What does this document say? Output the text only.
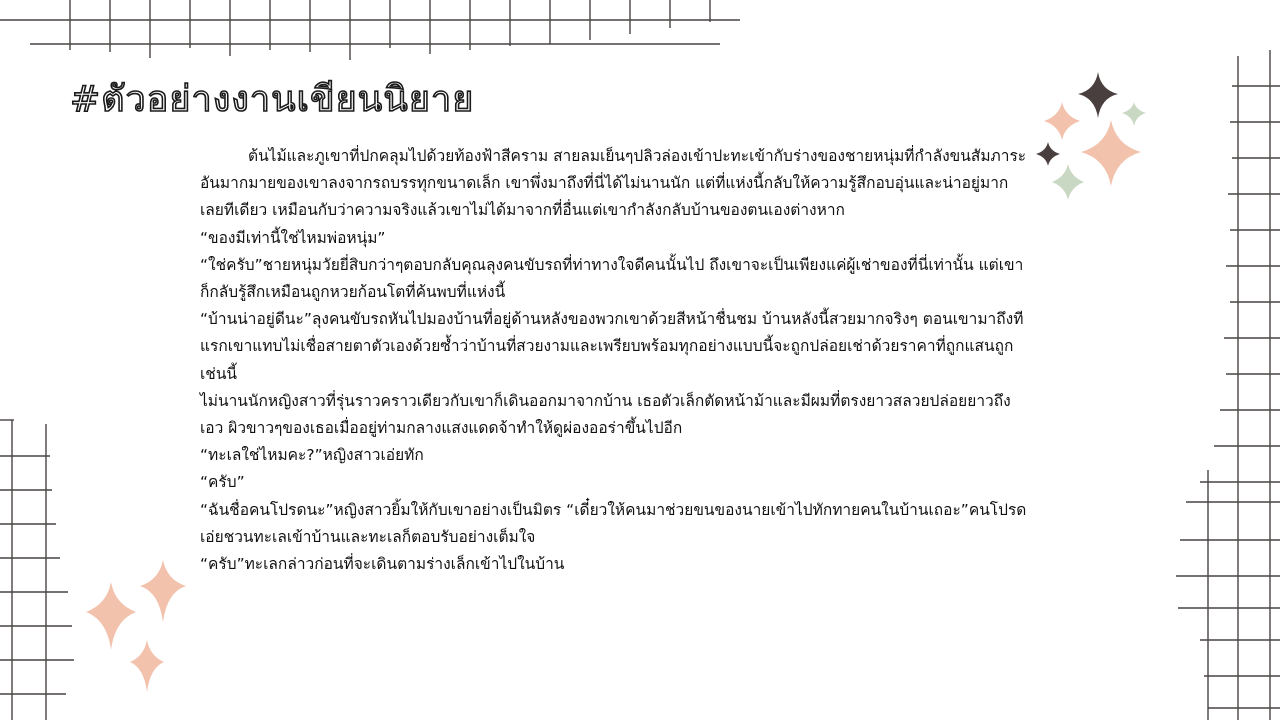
#ตัวอย่างงานเขียนนิยาย

ต้นไม้และภูเขาที่ปกคลุมไปด้วยท้องฟ้าสีคราม สายลมเย็นๆปลิวล่องเข้าปะทะเข้ากับร่างของชายหนุ่มที่กำลังขนสัมภาระอันมากมายของเขาลงจากรถบรรทุกขนาดเล็ก เขาพึ่งมาถึงที่นี่ได้ไม่นานนัก แต่ที่แห่งนี้กลับให้ความรู้สึกอบอุ่นและน่าอยู่มากเลยทีเดียว เหมือนกับว่าความจริงแล้วเขาไม่ได้มาจากที่อื่นแต่เขากำลังกลับบ้านของตนเองต่างหาก

“ของมีเท่านี้ใช่ไหมพ่อหนุ่ม”

“ใช่ครับ”ชายหนุ่มวัยยี่สิบกว่าๆตอบกลับคุณลุงคนขับรถที่ท่าทางใจดีคนนั้นไป ถึงเขาจะเป็นเพียงแค่ผู้เช่าของที่นี่เท่านั้น แต่เขาก็กลับรู้สึกเหมือนถูกหวยก้อนโตที่ค้นพบที่แห่งนี้

“บ้านน่าอยู่ดีนะ”ลุงคนขับรถหันไปมองบ้านที่อยู่ด้านหลังของพวกเขาด้วยสีหน้าชื่นชม บ้านหลังนี้สวยมากจริงๆ ตอนเขามาถึงทีแรกเขาแทบไม่เชื่อสายตาตัวเองด้วยซ้ำว่าบ้านที่สวยงามและเพรียบพร้อมทุกอย่างแบบนี้จะถูกปล่อยเช่าด้วยราคาที่ถูกแสนถูกเช่นนี้

ไม่นานนักหญิงสาวที่รุ่นราวคราวเดียวกับเขาก็เดินออกมาจากบ้าน เธอตัวเล็กตัดหน้าม้าและมีผมที่ตรงยาวสลวยปล่อยยาวถึงเอว ผิวขาวๆของเธอเมื่ออยู่ท่ามกลางแสงแดดจ้าทำให้ดูผ่องออร่าขึ้นไปอีก

“ทะเลใช่ไหมคะ?”หญิงสาวเอ่ยทัก

“ครับ”

“ฉันชื่อคนโปรดนะ”หญิงสาวยิ้มให้กับเขาอย่างเป็นมิตร “เดี๋ยวให้คนมาช่วยขนของนายเข้าไปทักทายคนในบ้านเถอะ”คนโปรดเอ่ยชวนทะเลเข้าบ้านและทะเลก็ตอบรับอย่างเต็มใจ

“ครับ”ทะเลกล่าวก่อนที่จะเดินตามร่างเล็กเข้าไปในบ้าน
